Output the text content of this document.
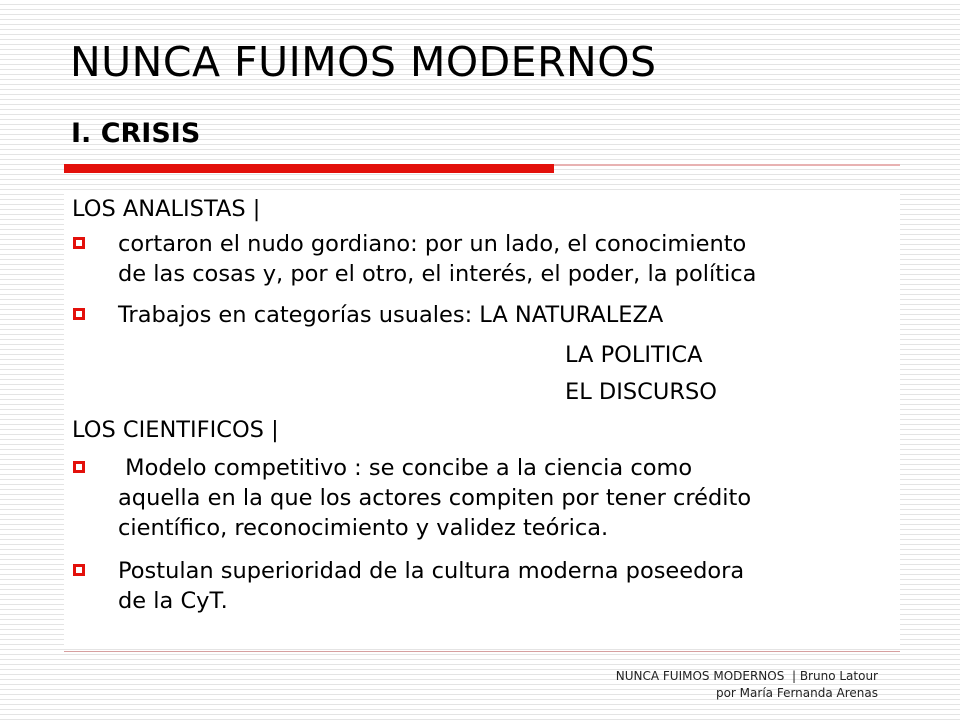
NUNCA FUIMOS MODERNOS
I. CRISIS
LOS ANALISTAS |
cortaron el nudo gordiano: por un lado, el conocimiento
de las cosas y, por el otro, el interés, el poder, la política
Trabajos en categorías usuales: LA NATURALEZA
LA POLITICA
EL DISCURSO
LOS CIENTIFICOS |
Modelo competitivo : se concibe a la ciencia como
aquella en la que los actores compiten por tener crédito
científico, reconocimiento y validez teórica.
Postulan superioridad de la cultura moderna poseedora
de la CyT.
NUNCA FUIMOS MODERNOS  | Bruno Latour
por María Fernanda Arenas
